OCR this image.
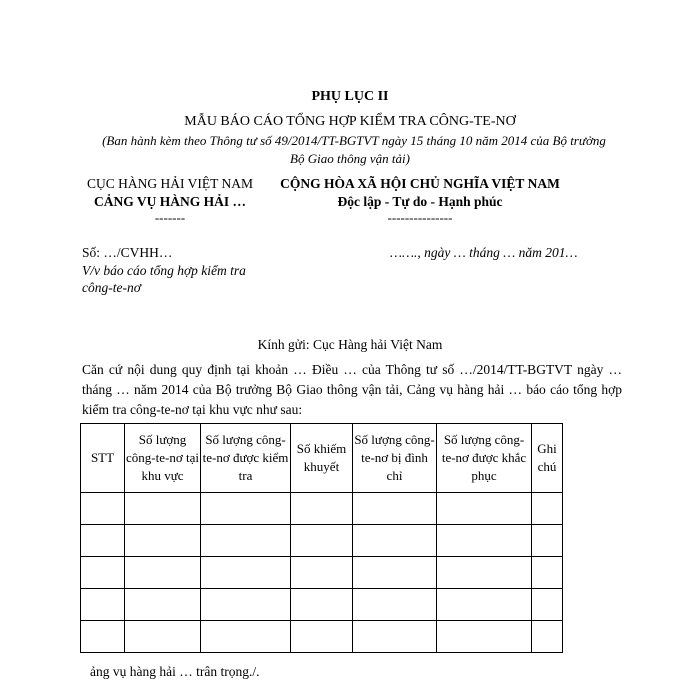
PHỤ LỤC II
MẪU BÁO CÁO TỔNG HỢP KIỂM TRA CÔNG-TE-NƠ
(Ban hành kèm theo Thông tư số 49/2014/TT-BGTVT ngày 15 tháng 10 năm 2014 của Bộ trưởng
Bộ Giao thông vận tải)
CỤC HÀNG HẢI VIỆT NAM
CẢNG VỤ HÀNG HẢI …
-------
CỘNG HÒA XÃ HỘI CHỦ NGHĨA VIỆT NAM
Độc lập - Tự do - Hạnh phúc
---------------
Số: …/CVHH…
V/v báo cáo tổng hợp kiểm tra
công-te-nơ
……., ngày … tháng … năm 201…
Kính gửi: Cục Hàng hải Việt Nam
Căn cứ nội dung quy định tại khoản … Điều … của Thông tư số …/2014/TT-BGTVT ngày … tháng … năm 2014 của Bộ trưởng Bộ Giao thông vận tải, Cảng vụ hàng hải … báo cáo tổng hợp kiểm tra công-te-nơ tại khu vực như sau:
STT	Số lượng công-te-nơ tại khu vực	Số lượng công-te-nơ được kiểm tra	Số khiếm khuyết	Số lượng công-te-nơ bị đình chỉ	Số lượng công-te-nơ được khắc phục	Ghi chú

ảng vụ hàng hải … trân trọng./.
